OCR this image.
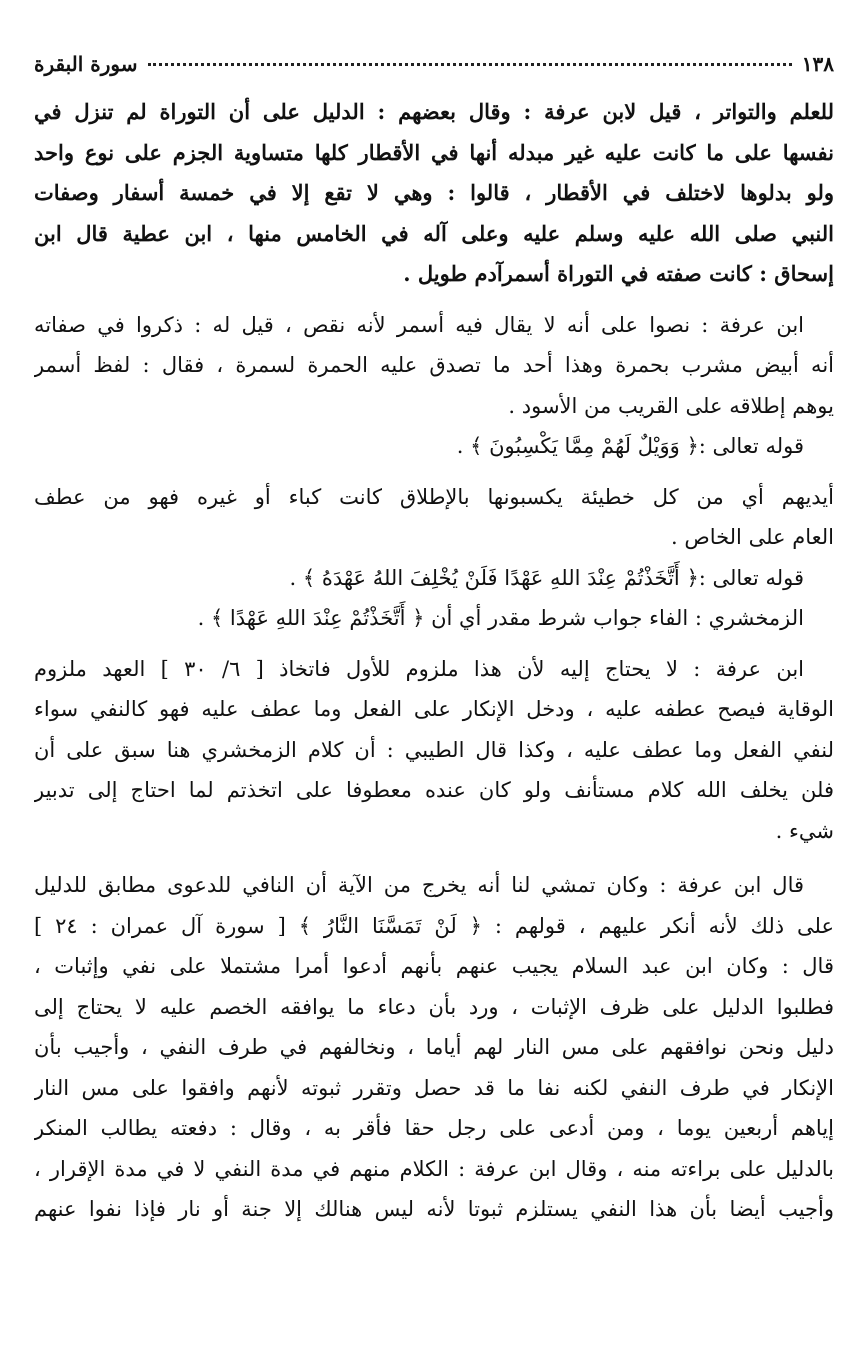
١٣٨
سورة البقرة
للعلم والتواتر ، قيل لابن عرفة : وقال بعضهم : الدليل على أن التوراة لم تنزل في
نفسها على ما كانت عليه غير مبدله أنها في الأقطار كلها متساوية الجزم على نوع واحد
ولو بدلوها لاختلف في الأقطار ، قالوا : وهي لا تقع إلا في خمسة أسفار وصفات
النبي صلى الله عليه وسلم عليه وعلى آله في الخامس منها ، ابن عطية قال ابن
إسحاق : كانت صفته في التوراة أسمرآدم طويل .
ابن عرفة : نصوا على أنه لا يقال فيه أسمر لأنه نقص ، قيل له : ذكروا في صفاته
أنه أبيض مشرب بحمرة وهذا أحد ما تصدق عليه الحمرة لسمرة ، فقال : لفظ أسمر
يوهم إطلاقه على القريب من الأسود .
قوله تعالى :﴿ وَوَيْلٌ لَهُمْ مِمَّا يَكْسِبُونَ ﴾ .
أيديهم أي من كل خطيئة يكسبونها بالإطلاق كانت كباء أو غيره فهو من عطف
العام على الخاص .
قوله تعالى :﴿ أَتَّخَذْتُمْ عِنْدَ اللهِ عَهْدًا فَلَنْ يُخْلِفَ اللهُ عَهْدَهُ ﴾ .
الزمخشري : الفاء جواب شرط مقدر أي أن ﴿ أَتَّخَذْتُمْ عِنْدَ اللهِ عَهْدًا ﴾ .
ابن عرفة : لا يحتاج إليه لأن هذا ملزوم للأول فاتخاذ [ ٦/ ٣٠ ] العهد ملزوم
الوقاية فيصح عطفه عليه ، ودخل الإنكار على الفعل وما عطف عليه فهو كالنفي سواء
لنفي الفعل وما عطف عليه ، وكذا قال الطيبي : أن كلام الزمخشري هنا سبق على أن
فلن يخلف الله كلام مستأنف ولو كان عنده معطوفا على اتخذتم لما احتاج إلى تدبير
شيء .
قال ابن عرفة : وكان تمشي لنا أنه يخرج من الآية أن النافي للدعوى مطابق للدليل
على ذلك لأنه أنكر عليهم ، قولهم : ﴿ لَنْ تَمَسَّنَا النَّارُ ﴾ [ سورة آل عمران : ٢٤ ]
قال : وكان ابن عبد السلام يجيب عنهم بأنهم أدعوا أمرا مشتملا على نفي وإثبات ،
فطلبوا الدليل على ظرف الإثبات ، ورد بأن دعاء ما يوافقه الخصم عليه لا يحتاج إلى
دليل ونحن نوافقهم على مس النار لهم أياما ، ونخالفهم في طرف النفي ، وأجيب بأن
الإنكار في طرف النفي لكنه نفا ما قد حصل وتقرر ثبوته لأنهم وافقوا على مس النار
إياهم أربعين يوما ، ومن أدعى على رجل حقا فأقر به ، وقال : دفعته يطالب المنكر
بالدليل على براءته منه ، وقال ابن عرفة : الكلام منهم في مدة النفي لا في مدة الإقرار ،
وأجيب أيضا بأن هذا النفي يستلزم ثبوتا لأنه ليس هنالك إلا جنة أو نار فإذا نفوا عنهم
